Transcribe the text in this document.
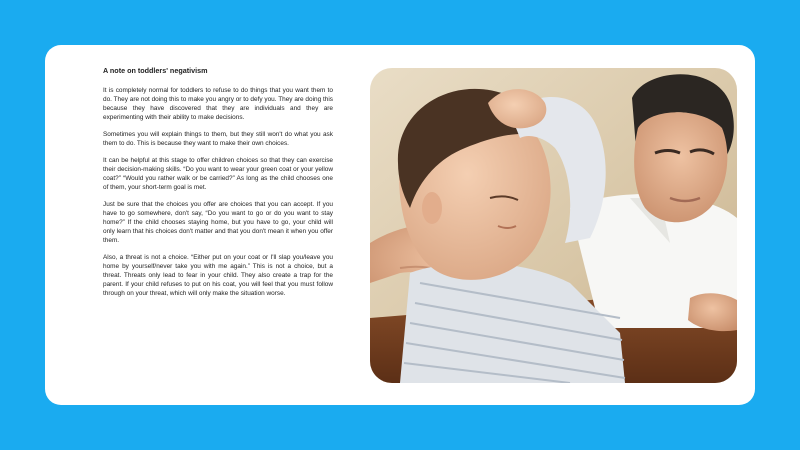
A note on toddlers' negativism

It is completely normal for toddlers to refuse to do things that you want them to do. They are not doing this to make you angry or to defy you. They are doing this because they have discovered that they are individuals and they are experimenting with their ability to make decisions.

Sometimes you will explain things to them, but they still won't do what you ask them to do. This is because they want to make their own choices.

It can be helpful at this stage to offer children choices so that they can exercise their decision-making skills. “Do you want to wear your green coat or your yellow coat?” “Would you rather walk or be carried?” As long as the child chooses one of them, your short-term goal is met.

Just be sure that the choices you offer are choices that you can accept. If you have to go somewhere, don't say, “Do you want to go or do you want to stay home?” If the child chooses staying home, but you have to go, your child will only learn that his choices don't matter and that you don't mean it when you offer them.

Also, a threat is not a choice. “Either put on your coat or I'll slap you/leave you home by yourself/never take you with me again.” This is not a choice, but a threat. Threats only lead to fear in your child. They also create a trap for the parent. If your child refuses to put on his coat, you will feel that you must follow through on your threat, which will only make the situation worse.
